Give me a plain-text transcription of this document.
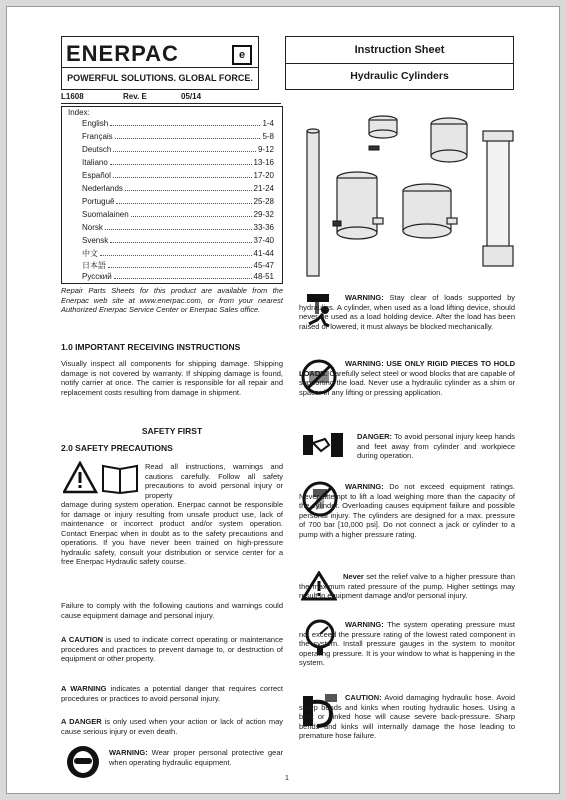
ENERPAC	e
POWERFUL SOLUTIONS. GLOBAL FORCE.
Instruction Sheet
Hydraulic Cylinders
L1608	Rev. E	05/14
Index:
English	1-4
Français	5-8
Deutsch	9-12
Italiano	13-16
Español	17-20
Nederlands	21-24
Portuguê	25-28
Suomalainen	29-32
Norsk	33-36
Svensk	37-40
中文	41-44
日本語	45-47
Русский	48-51
Repair Parts Sheets for this product are available from the Enerpac web site at www.enerpac.com, or from your nearest Authorized Enerpac Service Center or Enerpac Sales office.
1.0 IMPORTANT RECEIVING INSTRUCTIONS
Visually inspect all components for shipping damage. Shipping damage is not covered by warranty. If shipping damage is found, notify carrier at once. The carrier is responsible for all repair and replacement costs resulting from damage in shipment.
SAFETY FIRST
2.0 SAFETY PRECAUTIONS
Read all instructions, warnings and cautions carefully. Follow all safety precautions to avoid personal injury or property
damage during system operation. Enerpac cannot be responsible for damage or injury resulting from unsafe product use, lack of maintenance or incorrect product and/or system operation. Contact Enerpac when in doubt as to the safety precautions and operations. If you have never been trained on high-pressure hydraulic safety, consult your distribution or service center for a free Enerpac Hydraulic safety course.
Failure to comply with the following cautions and warnings could cause equipment damage and personal injury.
A CAUTION is used to indicate correct operating or maintenance procedures and practices to prevent damage to, or destruction of equipment or other property.
A WARNING indicates a potential danger that requires correct procedures or practices to avoid personal injury.
A DANGER is only used when your action or lack of action may cause serious injury or even death.
WARNING: Wear proper personal protective gear when operating hydraulic equipment.
WARNING: Stay clear of loads supported by hydraulics. A cylinder, when used as a load lifting device, should never be used as a load holding device. After the load has been raised or lowered, it must always be blocked mechanically.
WARNING: USE ONLY RIGID PIECES TO HOLD LOADS. Carefully select steel or wood blocks that are capable of supporting the load. Never use a hydraulic cylinder as a shim or spacer in any lifting or pressing application.
DANGER: To avoid personal injury keep hands and feet away from cylinder and workpiece during operation.
WARNING: Do not exceed equipment ratings. Never attempt to lift a load weighing more than the capacity of the cylinder. Overloading causes equipment failure and possible personal injury. The cylinders are designed for a max. pressure of 700 bar [10,000 psi]. Do not connect a jack or cylinder to a pump with a higher pressure rating.
Never set the relief valve to a higher pressure than the maximum rated pressure of the pump. Higher settings may result in equipment damage and/or personal injury.
WARNING: The system operating pressure must not exceed the pressure rating of the lowest rated component in the system. Install pressure gauges in the system to monitor operating pressure. It is your window to what is happening in the system.
CAUTION: Avoid damaging hydraulic hose. Avoid sharp bends and kinks when routing hydraulic hoses. Using a bent or kinked hose will cause severe back-pressure. Sharp bends and kinks will internally damage the hose leading to premature hose failure.
1
